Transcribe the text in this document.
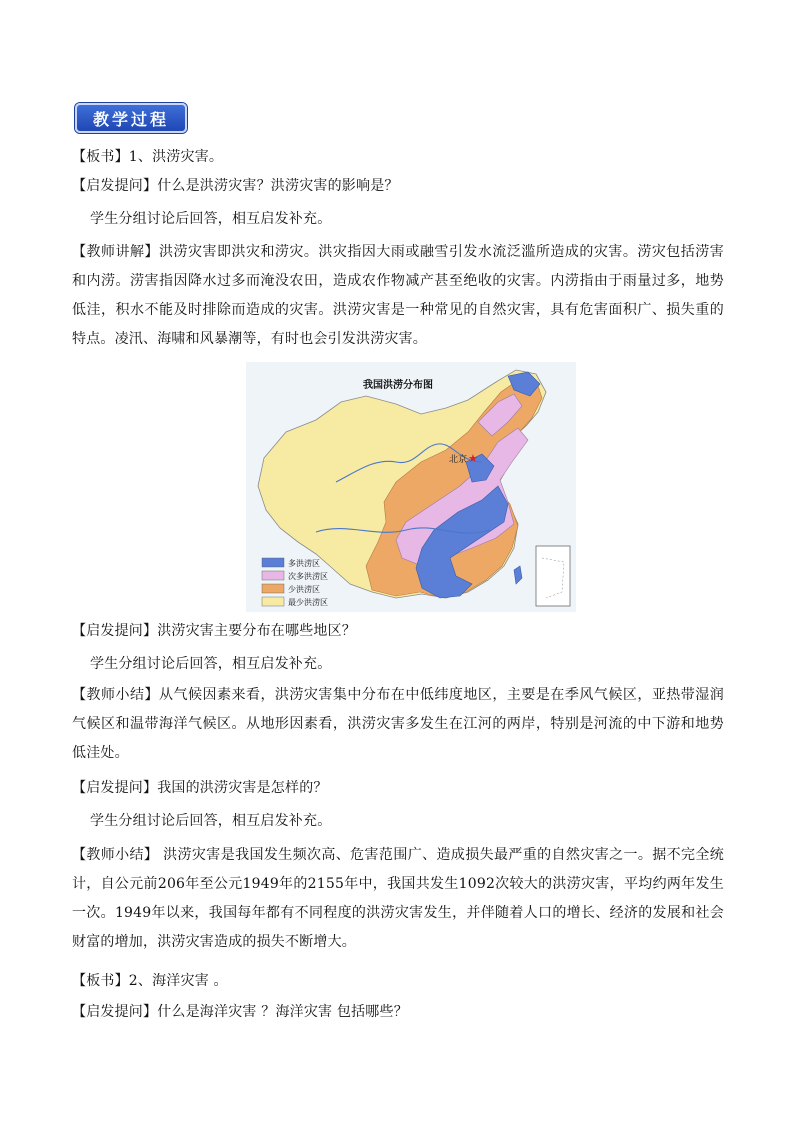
教学过程
【板书】1、洪涝灾害。
【启发提问】什么是洪涝灾害？洪涝灾害的影响是？
学生分组讨论后回答，相互启发补充。
【教师讲解】洪涝灾害即洪灾和涝灾。洪灾指因大雨或融雪引发水流泛滥所造成的灾害。涝灾包括涝害和内涝。涝害指因降水过多而淹没农田，造成农作物减产甚至绝收的灾害。内涝指由于雨量过多，地势低洼，积水不能及时排除而造成的灾害。洪涝灾害是一种常见的自然灾害，具有危害面积广、损失重的特点。凌汛、海啸和风暴潮等，有时也会引发洪涝灾害。
★
北京
我国洪涝分布图
多洪涝区
次多洪涝区
少洪涝区
最少洪涝区
【启发提问】洪涝灾害主要分布在哪些地区？
学生分组讨论后回答，相互启发补充。
【教师小结】从气候因素来看，洪涝灾害集中分布在中低纬度地区，主要是在季风气候区，亚热带湿润气候区和温带海洋气候区。从地形因素看，洪涝灾害多发生在江河的两岸，特别是河流的中下游和地势低洼处。
【启发提问】我国的洪涝灾害是怎样的？
学生分组讨论后回答，相互启发补充。
【教师小结】 洪涝灾害是我国发生频次高、危害范围广、造成损失最严重的自然灾害之一。据不完全统计，自公元前206年至公元1949年的2155年中，我国共发生1092次较大的洪涝灾害，平均约两年发生一次。1949年以来，我国每年都有不同程度的洪涝灾害发生，并伴随着人口的增长、经济的发展和社会财富的增加，洪涝灾害造成的损失不断增大。
【板书】2、海洋灾害 。
【启发提问】什么是海洋灾害 ？海洋灾害 包括哪些？
